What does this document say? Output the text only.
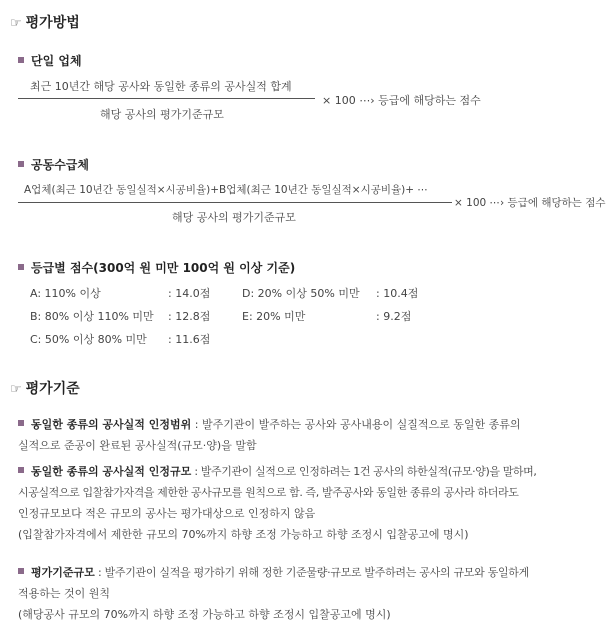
☞ 평가방법
단일 업체
최근 10년간 해당 공사와 동일한 종류의 공사실적 합계
× 100 ⋯› 등급에 해당하는 점수
해당 공사의 평가기준규모
공동수급체
A업체(최근 10년간 동일실적×시공비율)+B업체(최근 10년간 동일실적×시공비율)+ ⋯
× 100 ⋯› 등급에 해당하는 점수
해당 공사의 평가기준규모
등급별 점수(300억 원 미만 100억 원 이상 기준)
A: 110% 이상	: 14.0점
B: 80% 이상 110% 미만 : 12.8점
C: 50% 이상 80% 미만 : 11.6점
D: 20% 이상 50% 미만 : 10.4점
E: 20% 미만	: 9.2점
☞ 평가기준
동일한 종류의 공사실적 인정범위 : 발주기관이 발주하는 공사와 공사내용이 실질적으로 동일한 종류의
실적으로 준공이 완료된 공사실적(규모·양)을 말함
동일한 종류의 공사실적 인정규모 : 발주기관이 실적으로 인정하려는 1건 공사의 하한실적(규모·양)을 말하며,
시공실적으로 입찰참가자격을 제한한 공사규모를 원칙으로 함. 즉, 발주공사와 동일한 종류의 공사라 하더라도
인정규모보다 적은 규모의 공사는 평가대상으로 인정하지 않음
(입찰참가자격에서 제한한 규모의 70%까지 하향 조정 가능하고 하향 조정시 입찰공고에 명시)
평가기준규모 : 발주기관이 실적을 평가하기 위해 정한 기준물량·규모로 발주하려는 공사의 규모와 동일하게
적용하는 것이 원칙
(해당공사 규모의 70%까지 하향 조정 가능하고 하향 조정시 입찰공고에 명시)
